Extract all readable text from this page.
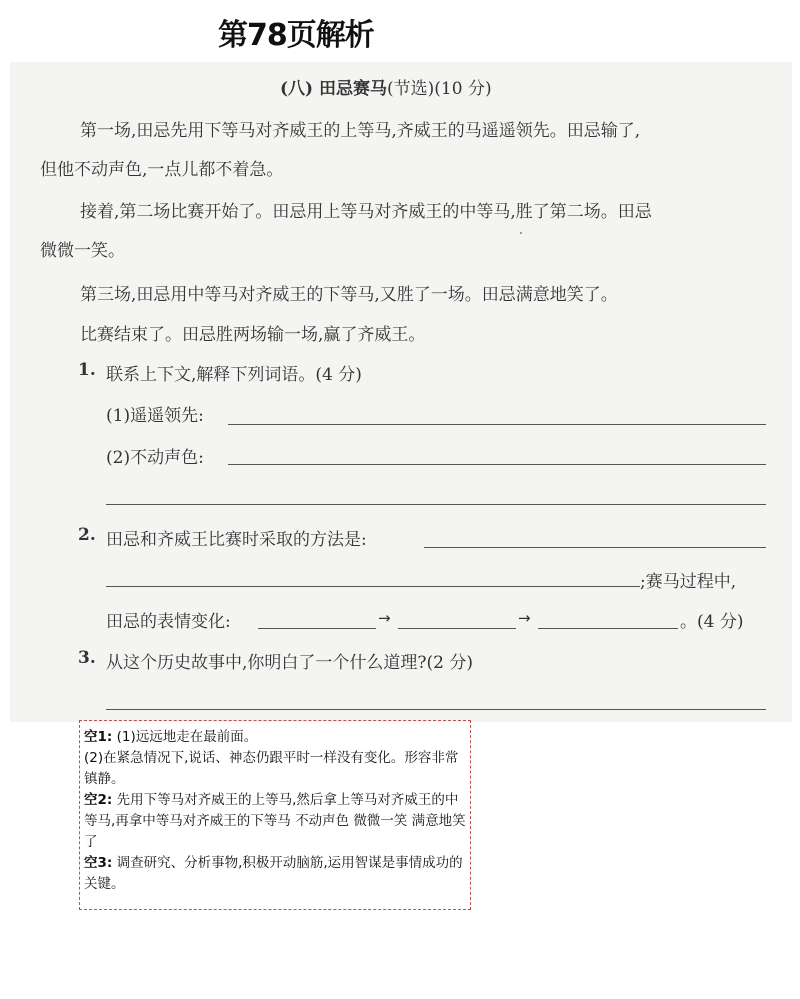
第78页解析
(八) 田忌赛马(节选)(10 分)
第一场,田忌先用下等马对齐威王的上等马,齐威王的马遥遥领先。田忌输了,
但他不动声色,一点儿都不着急。
接着,第二场比赛开始了。田忌用上等马对齐威王的中等马,胜了第二场。田忌
微微一笑。
第三场,田忌用中等马对齐威王的下等马,又胜了一场。田忌满意地笑了。
比赛结束了。田忌胜两场输一场,赢了齐威王。
1. 联系上下文,解释下列词语。(4 分)
(1)遥遥领先:
(2)不动声色:
2. 田忌和齐威王比赛时采取的方法是:
;赛马过程中,
田忌的表情变化:	→	→	。(4 分)
3. 从这个历史故事中,你明白了一个什么道理?(2 分)

空1: (1)远远地走在最前面。

(2)在紧急情况下,说话、神态仍跟平时一样没有变化。形容非常镇静。

空2: 先用下等马对齐威王的上等马,然后拿上等马对齐威王的中等马,再拿中等马对齐威王的下等马 不动声色 微微一笑 满意地笑了

空3: 调查研究、分析事物,积极开动脑筋,运用智谋是事情成功的关键。
